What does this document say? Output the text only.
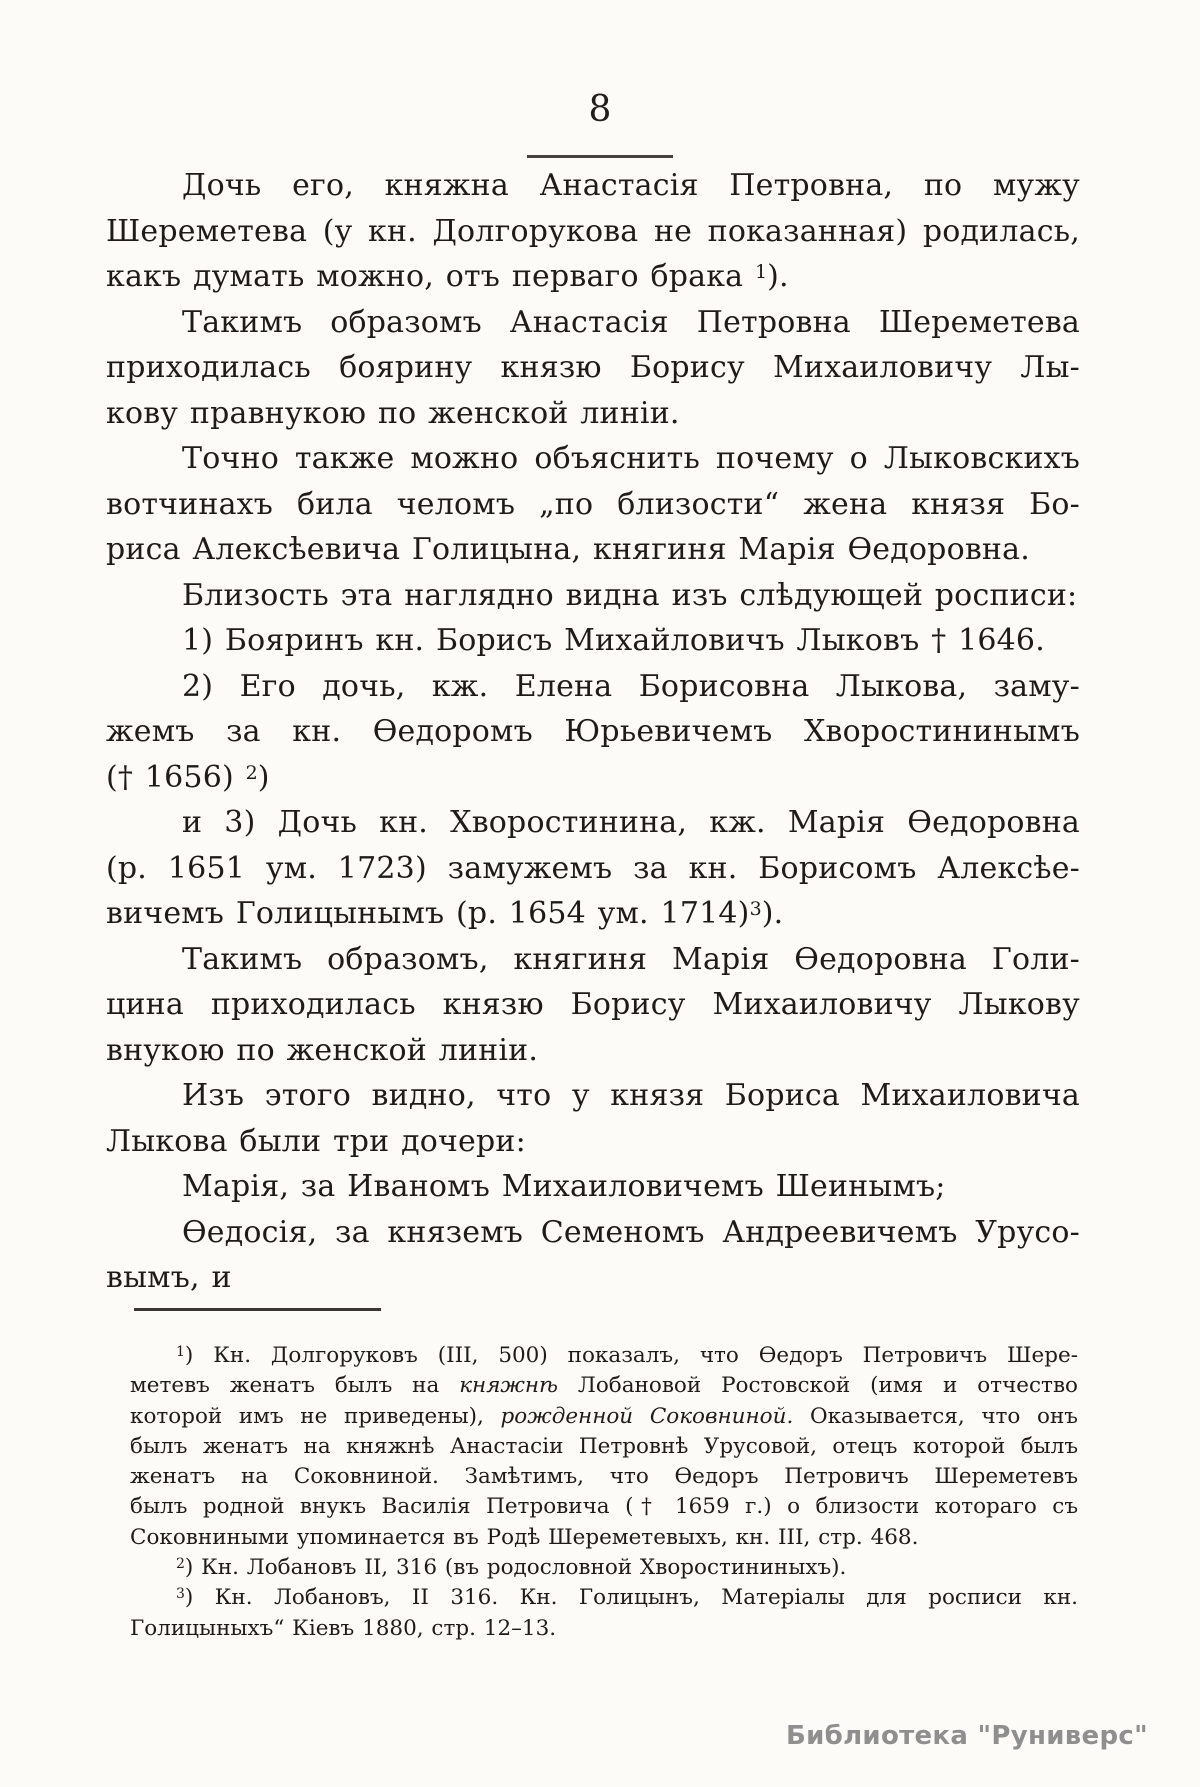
8

Дочь его, княжна Анастасія Петровна, по мужу
Шереметева (у кн. Долгорукова не показанная) родилась,
какъ думать можно, отъ перваго брака $^1$).

Такимъ образомъ Анастасія Петровна Шереметева
приходилась боярину князю Борису Михаиловичу Лы-
кову правнукою по женской линіи.

Точно также можно объяснить почему о Лыковскихъ
вотчинахъ била челомъ „по близости“ жена князя Бо-
риса Алексѣевича Голицына, княгиня Марія Ѳедоровна.

Близость эта наглядно видна изъ слѣдующей росписи:

1) Бояринъ кн. Борисъ Михайловичъ Лыковъ † 1646.

2) Его дочь, кж. Елена Борисовна Лыкова, заму-
жемъ за кн. Ѳедоромъ Юрьевичемъ Хворостининымъ
(† 1656) $^2$)

и 3) Дочь кн. Хворостинина, кж. Марія Ѳедоровна
(р. 1651 ум. 1723) замужемъ за кн. Борисомъ Алексѣе-
вичемъ Голицынымъ (р. 1654 ум. 1714)$^3$).

Такимъ образомъ, княгиня Марія Ѳедоровна Голи-
цина приходилась князю Борису Михаиловичу Лыкову
внукою по женской линіи.

Изъ этого видно, что у князя Бориса Михаиловича
Лыкова были три дочери:

Марія, за Иваномъ Михаиловичемъ Шеинымъ;

Ѳедосія, за княземъ Семеномъ Андреевичемъ Урусо-
вымъ, и

$^1$) Кн. Долгоруковъ (III, 500) показалъ, что Ѳедоръ Петровичъ Шере-
метевъ женатъ былъ на княжнѣ Лобановой Ростовской (имя и отчество
которой имъ не приведены), рожденной Соковниной. Оказывается, что онъ
былъ женатъ на княжнѣ Анастасіи Петровнѣ Урусовой, отецъ которой былъ
женатъ на Соковниной. Замѣтимъ, что Ѳедоръ Петровичъ Шереметевъ
былъ родной внукъ Василія Петровича († 1659 г.) о близости котораго съ
Соковниными упоминается въ Родѣ Шереметевыхъ, кн. III, стр. 468.

$^2$) Кн. Лобановъ II, 316 (въ родословной Хворостининыхъ).

$^3$) Кн. Лобановъ, II 316. Кн. Голицынъ, Матеріалы для росписи кн.
Голицыныхъ“ Кіевъ 1880, стр. 12–13.

Библиотека "Руниверс"
